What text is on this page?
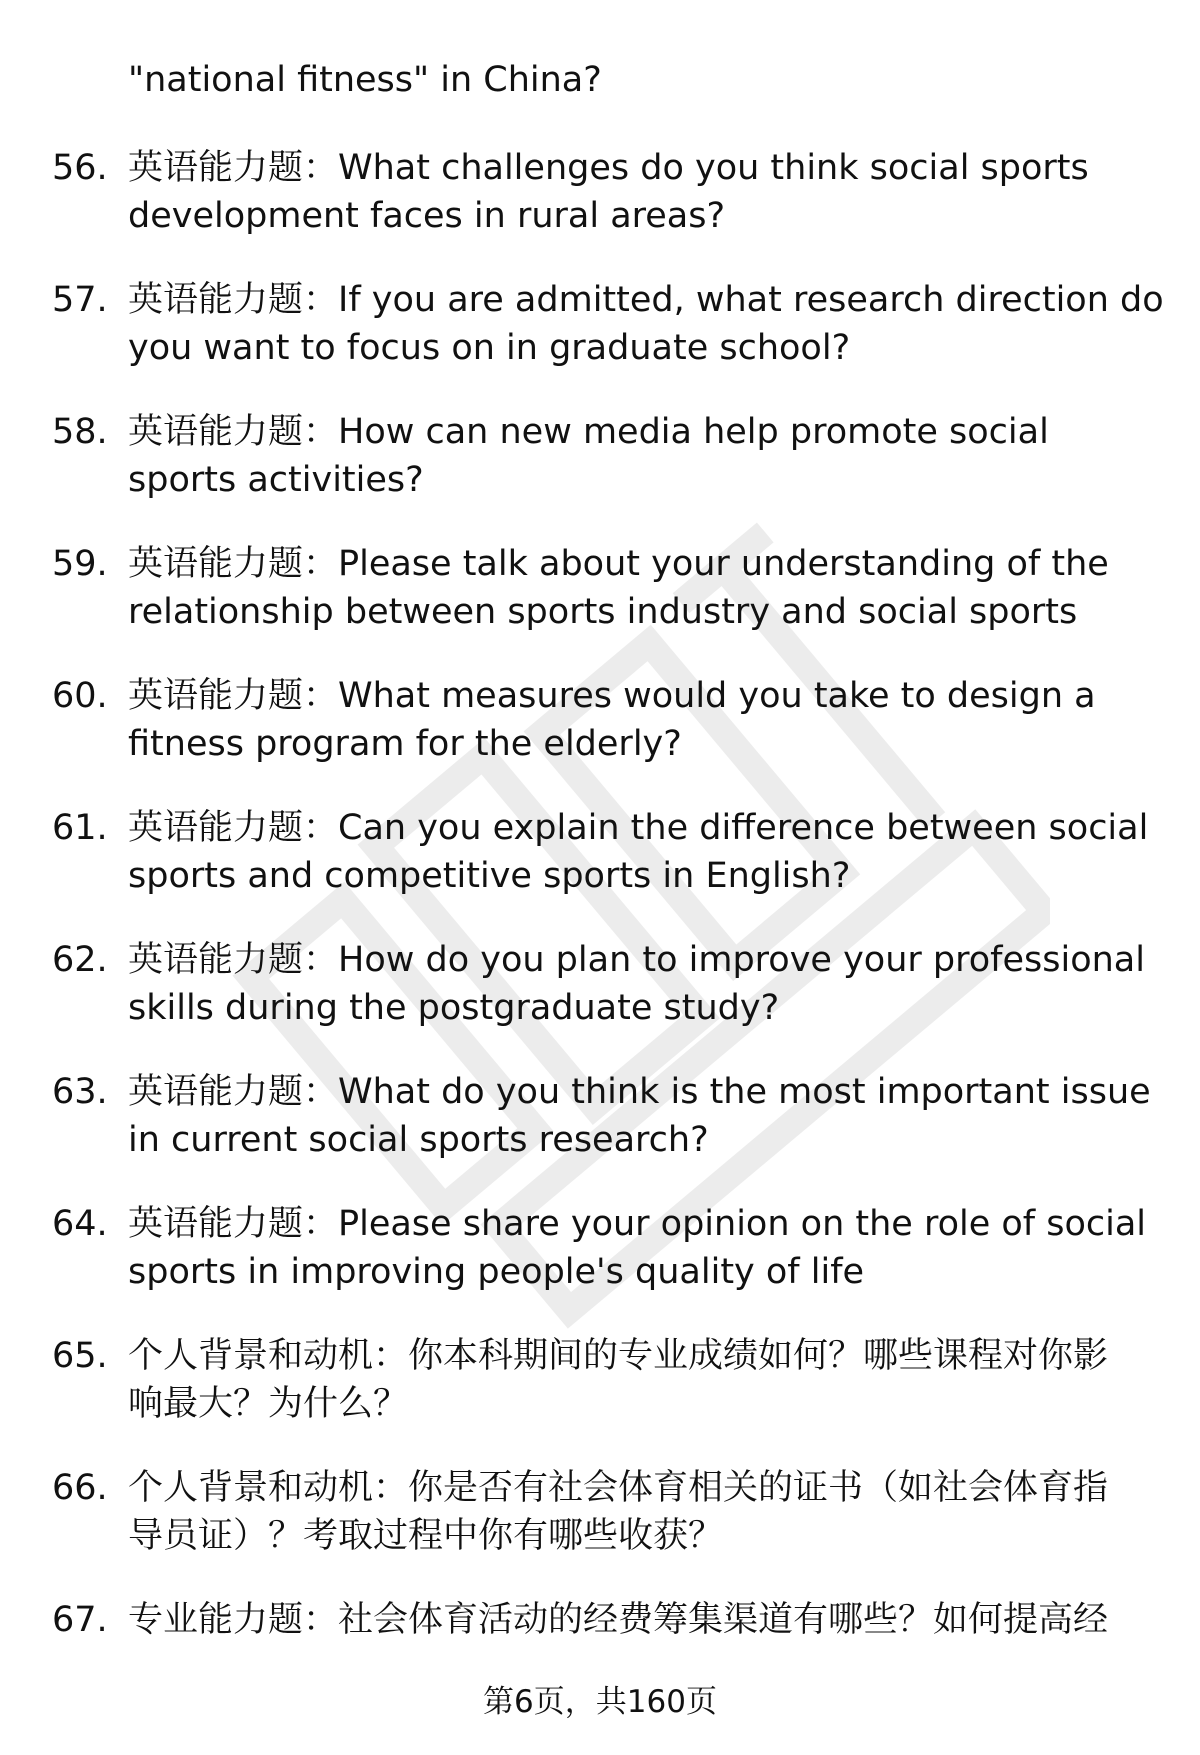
"national fitness" in China?
56. 英语能力题：What challenges do you think social sports
development faces in rural areas?
57. 英语能力题：If you are admitted, what research direction do
you want to focus on in graduate school?
58. 英语能力题：How can new media help promote social
sports activities?
59. 英语能力题：Please talk about your understanding of the
relationship between sports industry and social sports
60. 英语能力题：What measures would you take to design a
fitness program for the elderly?
61. 英语能力题：Can you explain the difference between social
sports and competitive sports in English?
62. 英语能力题：How do you plan to improve your professional
skills during the postgraduate study?
63. 英语能力题：What do you think is the most important issue
in current social sports research?
64. 英语能力题：Please share your opinion on the role of social
sports in improving people's quality of life
65. 个人背景和动机：你本科期间的专业成绩如何？哪些课程对你影
响最大？为什么？
66. 个人背景和动机：你是否有社会体育相关的证书（如社会体育指
导员证）？考取过程中你有哪些收获？
67. 专业能力题：社会体育活动的经费筹集渠道有哪些？如何提高经
第6页，共160页
